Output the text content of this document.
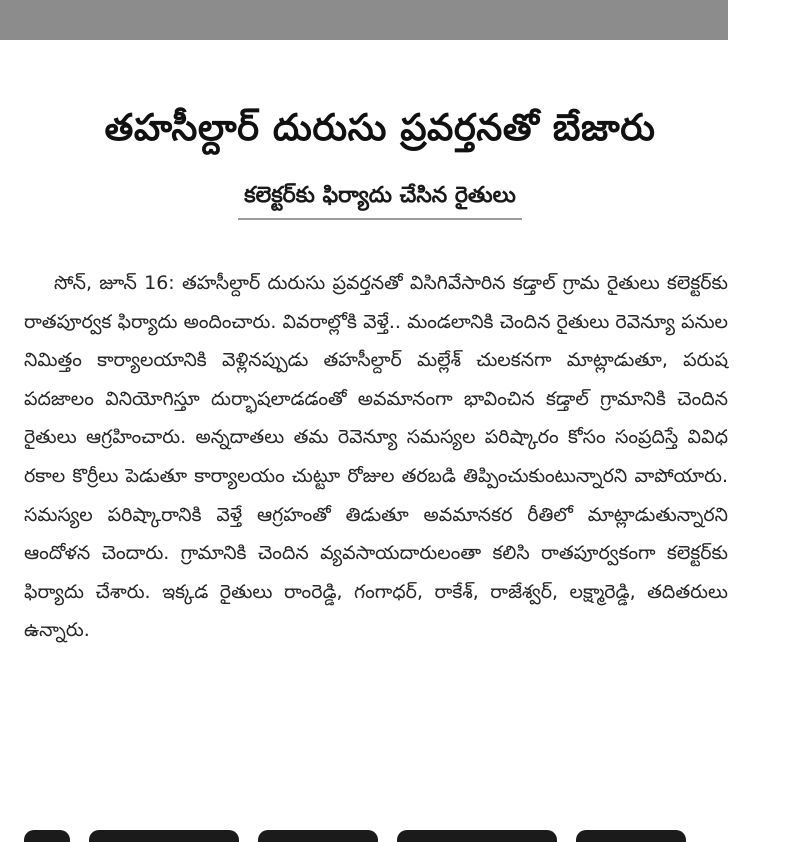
తహసీల్దార్ దురుసు ప్రవర్తనతో బేజారు
కలెక్టర్‌కు ఫిర్యాదు చేసిన రైతులు

సోన్, జూన్ 16: తహసీల్దార్ దురుసు ప్రవర్తనతో విసిగివేసారిన కడ్తాల్ గ్రామ రైతులు కలెక్టర్‌కు రాతపూర్వక ఫిర్యాదు అందించారు. వివరాల్లోకి వెళ్తే.. మండలానికి చెందిన రైతులు రెవెన్యూ పనుల నిమిత్తం కార్యాలయానికి వెళ్లినప్పుడు తహసీల్దార్ మల్లేశ్ చులకనగా మాట్లాడుతూ, పరుష పదజాలం వినియోగిస్తూ దుర్భాషలాడడంతో అవమానంగా భావించిన కడ్తాల్ గ్రామానికి చెందిన రైతులు ఆగ్రహించారు. అన్నదాతలు తమ రెవెన్యూ సమస్యల పరిష్కారం కోసం సంప్రదిస్తే వివిధ రకాల కొర్రీలు పెడుతూ కార్యాలయం చుట్టూ రోజుల తరబడి తిప్పించుకుంటున్నారని వాపోయారు. సమస్యల పరిష్కారానికి వెళ్తే ఆగ్రహంతో తిడుతూ అవమానకర రీతిలో మాట్లాడుతున్నారని ఆందోళన చెందారు. గ్రామానికి చెందిన వ్యవసాయదారులంతా కలిసి రాతపూర్వకంగా కలెక్టర్‌కు ఫిర్యాదు చేశారు. ఇక్కడ రైతులు రాంరెడ్డి, గంగాధర్, రాకేశ్, రాజేశ్వర్, లక్ష్మారెడ్డి, తదితరులు ఉన్నారు.
